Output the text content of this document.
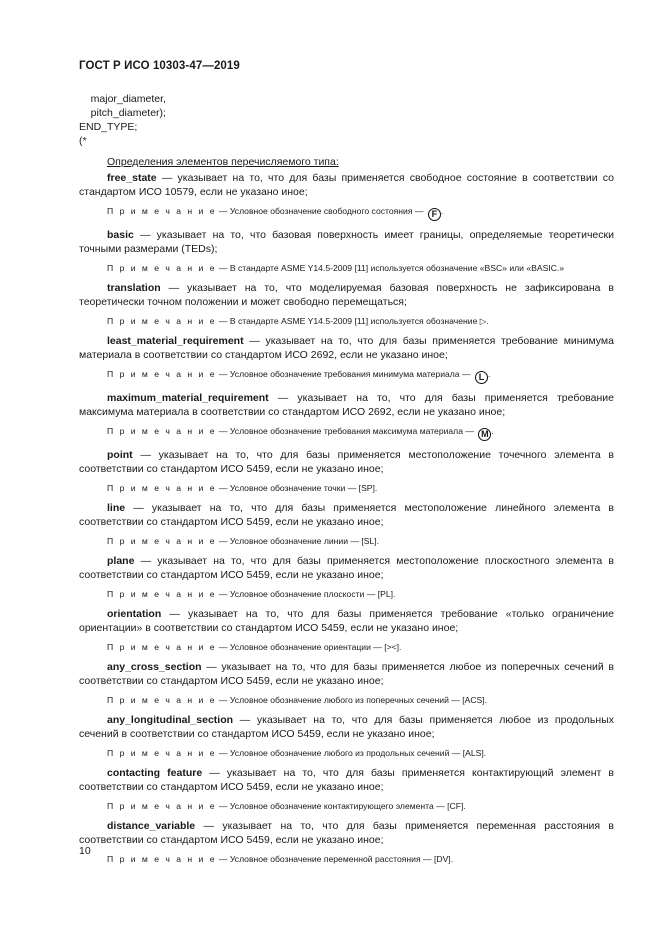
ГОСТ Р ИСО 10303-47—2019
major_diameter,
pitch_diameter);
END_TYPE;
(*

Определения элементов перечисляемого типа:

free_state — указывает на то, что для базы применяется свободное состояние в соответствии со стандартом ИСО 10579, если не указано иное;

П р и м е ч а н и е — Условное обозначение свободного состояния — F .

basic — указывает на то, что базовая поверхность имеет границы, определяемые теоретически точными размерами (TEDs);

П р и м е ч а н и е — В стандарте ASME Y14.5-2009 [11] используется обозначение «BSC» или «BASIC.»

translation — указывает на то, что моделируемая базовая поверхность не зафиксирована в теоретически точном положении и может свободно перемещаться;

П р и м е ч а н и е — В стандарте ASME Y14.5-2009 [11] используется обозначение ▷.

least_material_requirement — указывает на то, что для базы применяется требование минимума материала в соответствии со стандартом ИСО 2692, если не указано иное;

П р и м е ч а н и е — Условное обозначение требования минимума материала — L .

maximum_material_requirement — указывает на то, что для базы применяется требование максимума материала в соответствии со стандартом ИСО 2692, если не указано иное;

П р и м е ч а н и е — Условное обозначение требования максимума материала — M .

point — указывает на то, что для базы применяется местоположение точечного элемента в соответствии со стандартом ИСО 5459, если не указано иное;

П р и м е ч а н и е — Условное обозначение точки — [SP].

line — указывает на то, что для базы применяется местоположение линейного элемента в соответствии со стандартом ИСО 5459, если не указано иное;

П р и м е ч а н и е — Условное обозначение линии — [SL].

plane — указывает на то, что для базы применяется местоположение плоскостного элемента в соответствии со стандартом ИСО 5459, если не указано иное;

П р и м е ч а н и е — Условное обозначение плоскости — [PL].

orientation — указывает на то, что для базы применяется требование «только ограничение ориентации» в соответствии со стандартом ИСО 5459, если не указано иное;

П р и м е ч а н и е — Условное обозначение ориентации — [><].

any_cross_section — указывает на то, что для базы применяется любое из поперечных сечений в соответствии со стандартом ИСО 5459, если не указано иное;

П р и м е ч а н и е — Условное обозначение любого из поперечных сечений — [ACS].

any_longitudinal_section — указывает на то, что для базы применяется любое из продольных сечений в соответствии со стандартом ИСО 5459, если не указано иное;

П р и м е ч а н и е — Условное обозначение любого из продольных сечений — [ALS].

contacting feature — указывает на то, что для базы применяется контактирующий элемент в соответствии со стандартом ИСО 5459, если не указано иное;

П р и м е ч а н и е — Условное обозначение контактирующего элемента — [CF].

distance_variable — указывает на то, что для базы применяется переменная расстояния в соответствии со стандартом ИСО 5459, если не указано иное;

П р и м е ч а н и е — Условное обозначение переменной расстояния — [DV].

10
